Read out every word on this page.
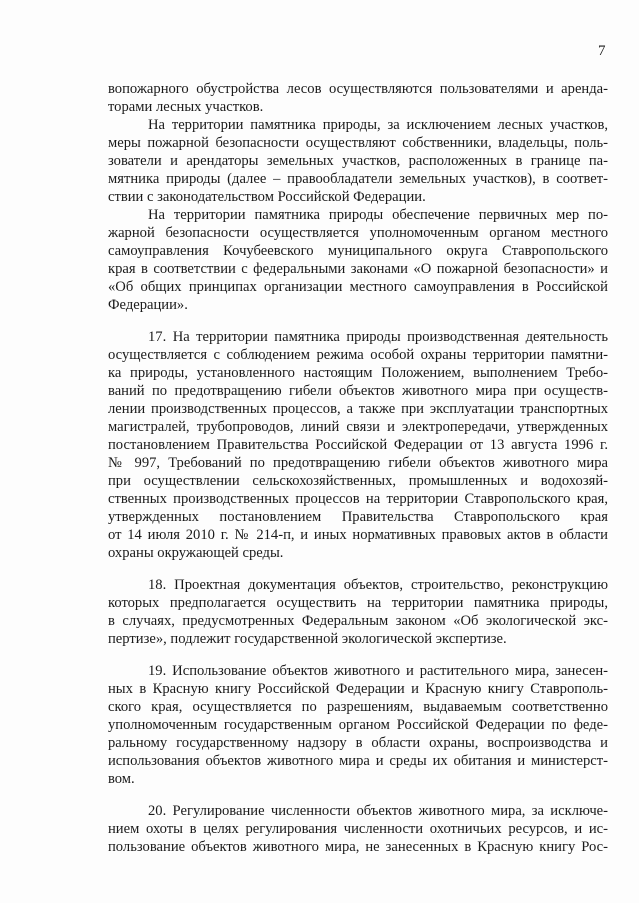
7
вопожарного обустройства лесов осуществляются пользователями и аренда-
торами лесных участков.
На территории памятника природы, за исключением лесных участков,
меры пожарной безопасности осуществляют собственники, владельцы, поль-
зователи и арендаторы земельных участков, расположенных в границе па-
мятника природы (далее – правообладатели земельных участков), в соответ-
ствии с законодательством Российской Федерации.
На территории памятника природы обеспечение первичных мер по-
жарной безопасности осуществляется уполномоченным органом местного
самоуправления Кочубеевского муниципального округа Ставропольского
края в соответствии с федеральными законами «О пожарной безопасности» и
«Об общих принципах организации местного самоуправления в Российской
Федерации».
17. На территории памятника природы производственная деятельность
осуществляется с соблюдением режима особой охраны территории памятни-
ка природы, установленного настоящим Положением, выполнением Требо-
ваний по предотвращению гибели объектов животного мира при осуществ-
лении производственных процессов, а также при эксплуатации транспортных
магистралей, трубопроводов, линий связи и электропередачи, утвержденных
постановлением Правительства Российской Федерации от 13 августа 1996 г.
№ 997, Требований по предотвращению гибели объектов животного мира
при осуществлении сельскохозяйственных, промышленных и водохозяй-
ственных производственных процессов на территории Ставропольского края,
утвержденных постановлением Правительства Ставропольского края
от 14 июля 2010 г. № 214-п, и иных нормативных правовых актов в области
охраны окружающей среды.
18. Проектная документация объектов, строительство, реконструкцию
которых предполагается осуществить на территории памятника природы,
в случаях, предусмотренных Федеральным законом «Об экологической экс-
пертизе», подлежит государственной экологической экспертизе.
19. Использование объектов животного и растительного мира, занесен-
ных в Красную книгу Российской Федерации и Красную книгу Ставрополь-
ского края, осуществляется по разрешениям, выдаваемым соответственно
уполномоченным государственным органом Российской Федерации по феде-
ральному государственному надзору в области охраны, воспроизводства и
использования объектов животного мира и среды их обитания и министерст-
вом.
20. Регулирование численности объектов животного мира, за исключе-
нием охоты в целях регулирования численности охотничьих ресурсов, и ис-
пользование объектов животного мира, не занесенных в Красную книгу Рос-
